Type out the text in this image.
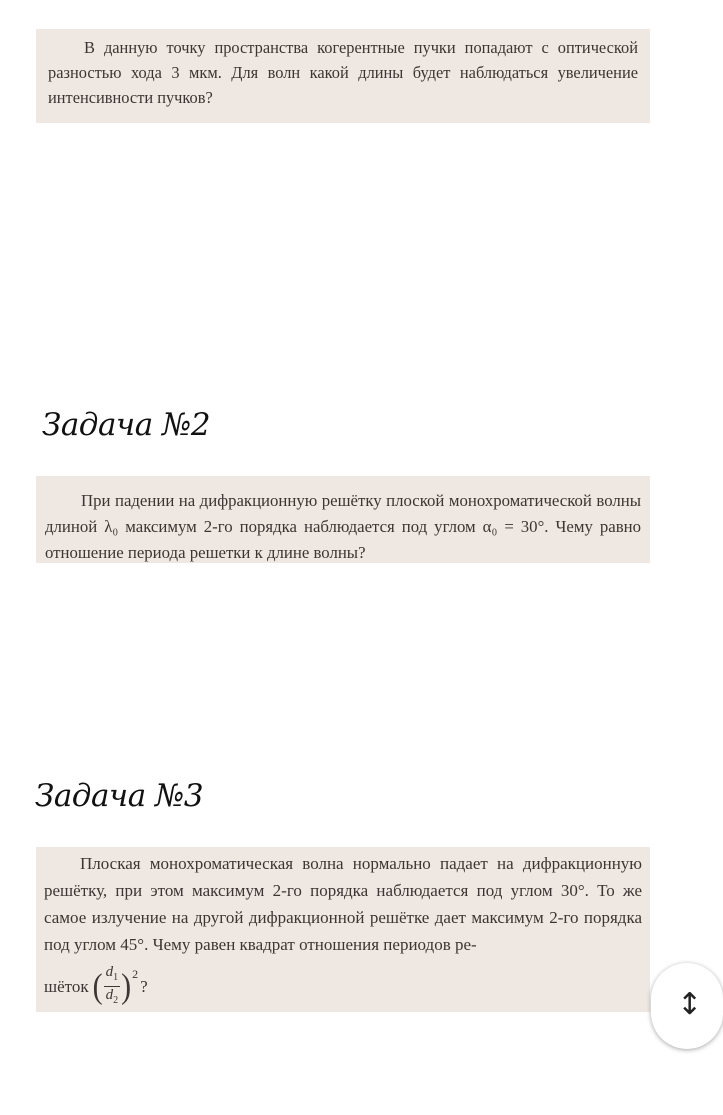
В данную точку пространства когерентные пучки попадают с оптической разностью хода 3 мкм. Для волн какой длины будет наблюдаться увеличение интенсивности пучков?

Задача №2

При падении на дифракционную решётку плоской монохроматической волны длиной λ₀ максимум 2-го порядка наблюдается под углом α₀ = 30°. Чему равно отношение периода решетки к длине волны?

Задача №3

Плоская монохроматическая волна нормально падает на дифракционную решётку, при этом максимум 2-го порядка наблюдается под углом 30°. То же самое излучение на другой дифракционной решётке дает максимум 2-го порядка под углом 45°. Чему равен квадрат отношения периодов ре-

шёток ( $\frac{d_1}{d_2}$ ) 2
?
↕
